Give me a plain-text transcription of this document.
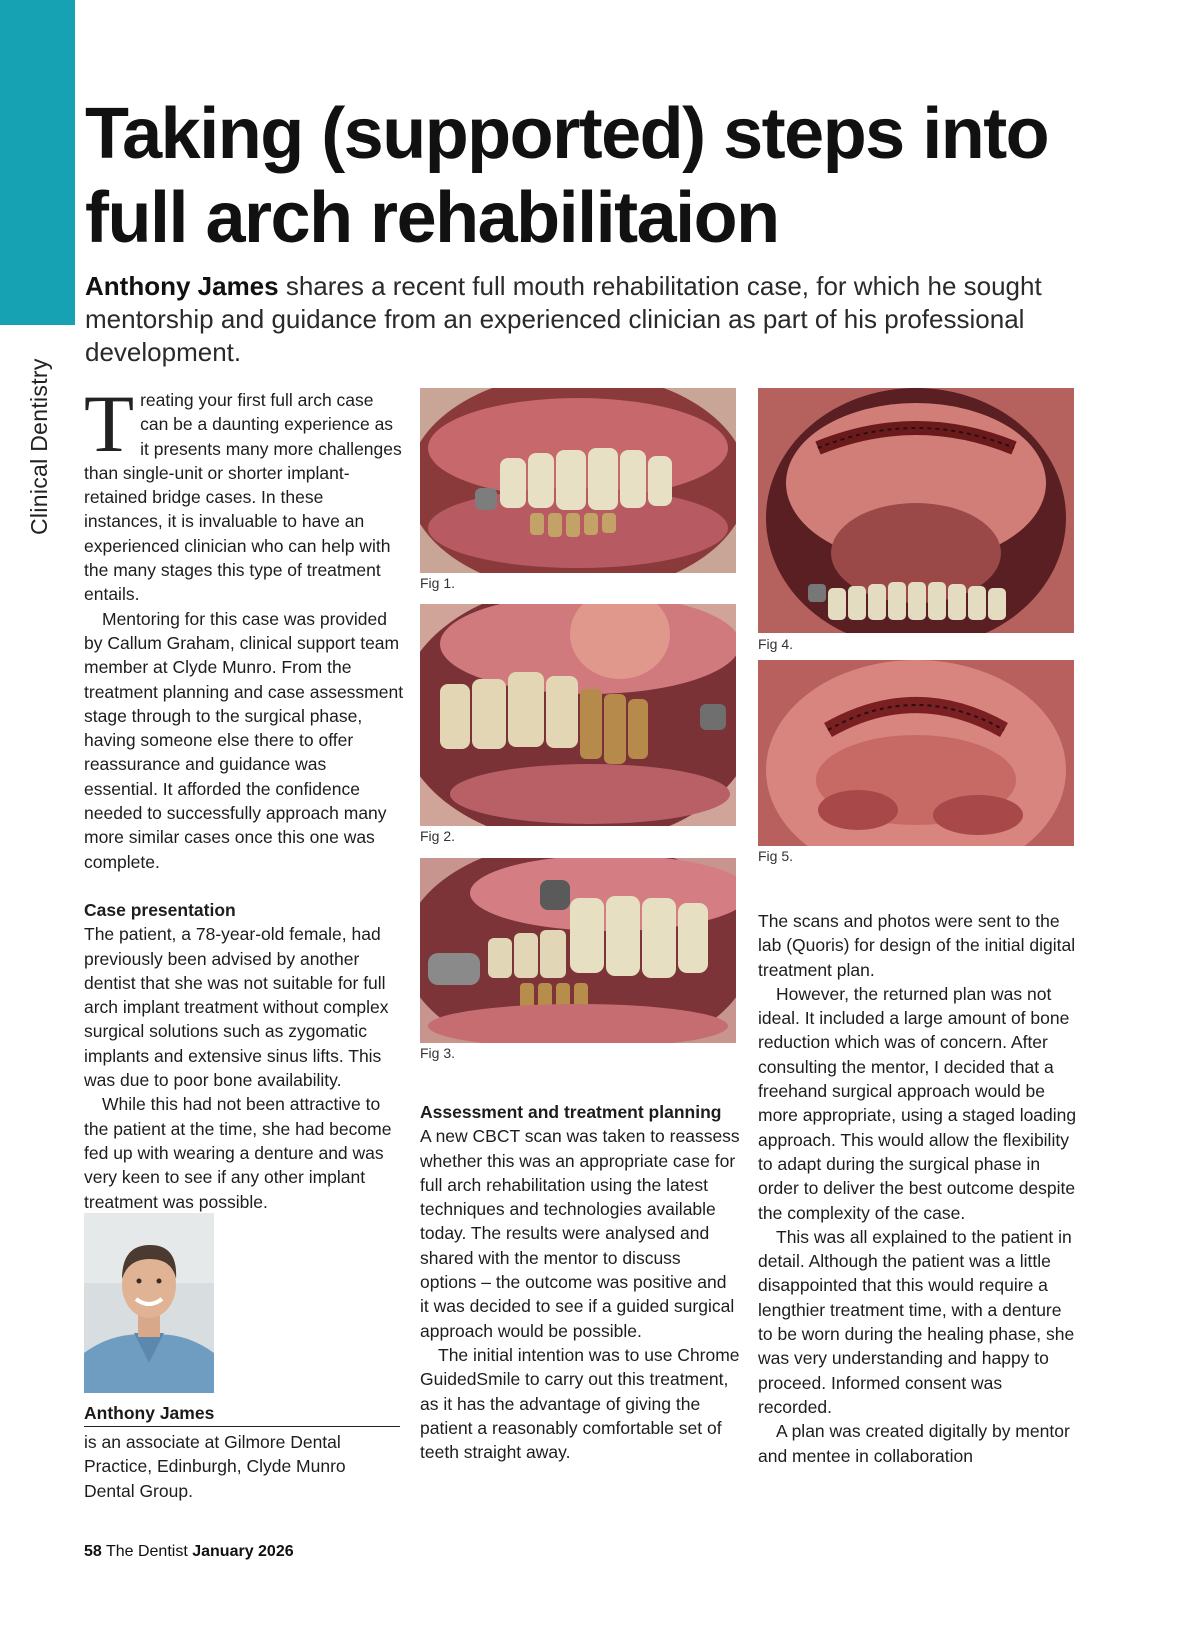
Clinical Dentistry
Taking (supported) steps into full arch rehabilitaion

Anthony James shares a recent full mouth rehabilitation case, for which he sought mentorship and guidance from an experienced clinician as part of his professional development.

Treating your first full arch case can be a daunting experience as it presents many more challenges than single-unit or shorter implant-retained bridge cases. In these instances, it is invaluable to have an experienced clinician who can help with the many stages this type of treatment entails.

Mentoring for this case was provided by Callum Graham, clinical support team member at Clyde Munro. From the treatment planning and case assessment stage through to the surgical phase, having someone else there to offer reassurance and guidance was essential. It afforded the confidence needed to successfully approach many more similar cases once this one was complete.

Case presentation

The patient, a 78-year-old female, had previously been advised by another dentist that she was not suitable for full arch implant treatment without complex surgical solutions such as zygomatic implants and extensive sinus lifts. This was due to poor bone availability.

While this had not been attractive to the patient at the time, she had become fed up with wearing a denture and was very keen to see if any other implant treatment was possible.

Anthony James
is an associate at Gilmore Dental Practice, Edinburgh, Clyde Munro Dental Group.
Fig 1.
Fig 2.
Fig 3.
Fig 4.
Fig 5.
Assessment and treatment planning

A new CBCT scan was taken to reassess whether this was an appropriate case for full arch rehabilitation using the latest techniques and technologies available today. The results were analysed and shared with the mentor to discuss options – the outcome was positive and it was decided to see if a guided surgical approach would be possible.

The initial intention was to use Chrome GuidedSmile to carry out this treatment, as it has the advantage of giving the patient a reasonably comfortable set of teeth straight away.

The scans and photos were sent to the lab (Quoris) for design of the initial digital treatment plan.

However, the returned plan was not ideal. It included a large amount of bone reduction which was of concern. After consulting the mentor, I decided that a freehand surgical approach would be more appropriate, using a staged loading approach. This would allow the flexibility to adapt during the surgical phase in order to deliver the best outcome despite the complexity of the case.

This was all explained to the patient in detail. Although the patient was a little disappointed that this would require a lengthier treatment time, with a denture to be worn during the healing phase, she was very understanding and happy to proceed. Informed consent was recorded.

A plan was created digitally by mentor and mentee in collaboration

58 The Dentist January 2026
